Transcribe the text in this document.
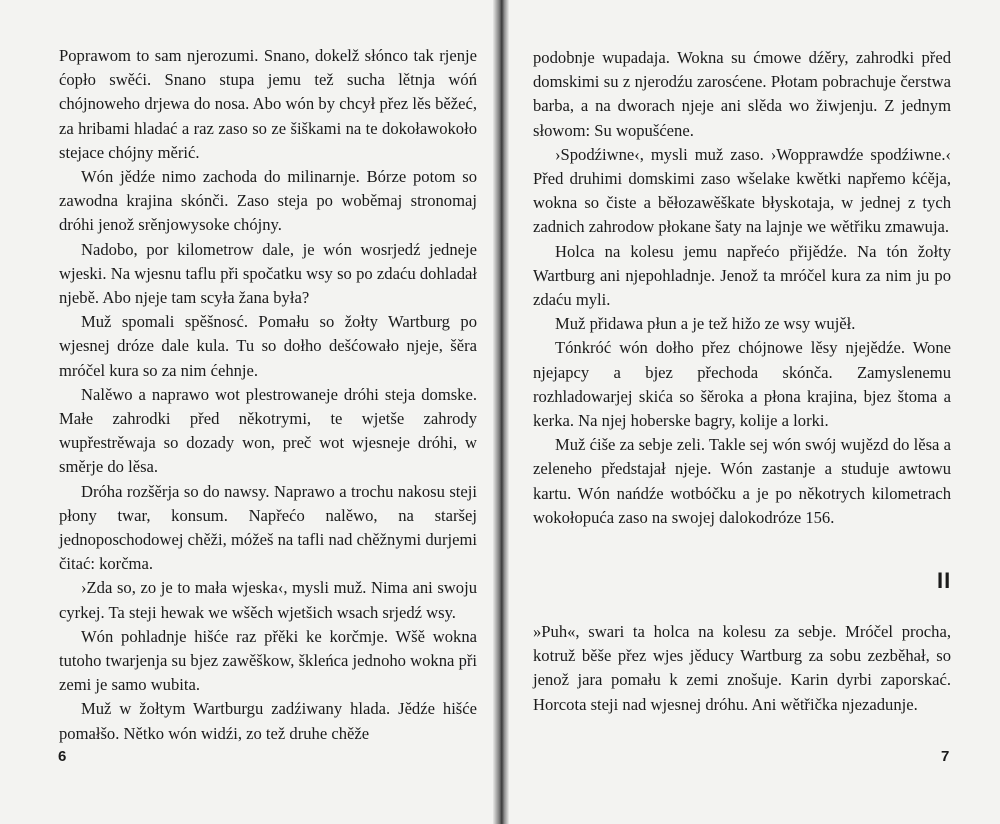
Poprawom to sam njerozumi. Snano, dokelž słónco tak rjenje ćopło swěći. Snano stupa jemu tež sucha lětnja wóń chójnoweho drjewa do nosa. Abo wón by chcył přez lěs běžeć, za hribami hladać a raz zaso so ze šiškami na te dokoławokoło stejace chójny měrić.

Wón jědźe nimo zachoda do milinarnje. Bórze potom so zawodna krajina skónči. Zaso steja po woběmaj stronomaj dróhi jenož srěnjowysoke chójny.

Nadobo, por kilometrow dale, je wón wosrjedź jedneje wjeski. Na wjesnu taflu při spočatku wsy so po zdaću dohladał njebě. Abo njeje tam scyła žana była?

Muž spomali spěšnosć. Pomału so žołty Wartburg po wjesnej dróze dale kula. Tu so dołho dešćowało njeje, šěra mróčel kura so za nim ćehnje.

Nalěwo a naprawo wot plestrowaneje dróhi steja domske. Małe zahrodki před někotrymi, te wjetše zahrody wupřestrěwaja so dozady won, preč wot wjesneje dróhi, w směrje do lěsa.

Dróha rozšěrja so do nawsy. Naprawo a trochu nakosu steji płony twar, konsum. Napřećo nalěwo, na staršej jednoposchodowej chěži, móžeš na tafli nad chěžnymi durjemi čitać: korčma.

›Zda so, zo je to mała wjeska‹, mysli muž. Nima ani swoju cyrkej. Ta steji hewak we wšěch wjetšich wsach srjedź wsy.

Wón pohladnje hišće raz přěki ke korčmje. Wšě wokna tutoho twarjenja su bjez zawěškow, škleńca jednoho wokna při zemi je samo wubita.

Muž w žołtym Wartburgu zadźiwany hlada. Jědźe hišće pomałšo. Nětko wón widźi, zo tež druhe chěže

6

podobnje wupadaja. Wokna su ćmowe dźěry, zahrodki před domskimi su z njerodźu zarosćene. Płotam pobrachuje čerstwa barba, a na dworach njeje ani slěda wo žiwjenju. Z jednym słowom: Su wopušćene.

›Spodźiwne‹, mysli muž zaso. ›Wopprawdźe spodźiwne.‹ Před druhimi domskimi zaso wšelake kwětki napřemo kćěja, wokna so čiste a běłozawěškate błyskotaja, w jednej z tych zadnich zahrodow płokane šaty na lajnje we wětřiku zmawuja.

Holca na kolesu jemu napřećo přijědźe. Na tón žołty Wartburg ani njepohladnje. Jenož ta mróčel kura za nim ju po zdaću myli.

Muž přidawa płun a je tež hižo ze wsy wujěł.

Tónkróć wón dołho přez chójnowe lěsy njejědźe. Wone njejapcy a bjez přechoda skónča. Zamyslenemu rozhladowarjej skića so šěroka a płona krajina, bjez štoma a kerka. Na njej hoberske bagry, kolije a lorki.

Muž ćiše za sebje zeli. Takle sej wón swój wujězd do lěsa a zeleneho předstajał njeje. Wón zastanje a studuje awtowu kartu. Wón nańdźe wotbóčku a je po někotrych kilometrach wokołopuća zaso na swojej dalokodróze 156.

II

»Puh«, swari ta holca na kolesu za sebje. Mróčel procha, kotruž běše přez wjes jěducy Wartburg za sobu zezběhał, so jenož jara pomału k zemi znošuje. Karin dyrbi zaporskać. Horcota steji nad wjesnej dróhu. Ani wětřička njezadunje.

7
